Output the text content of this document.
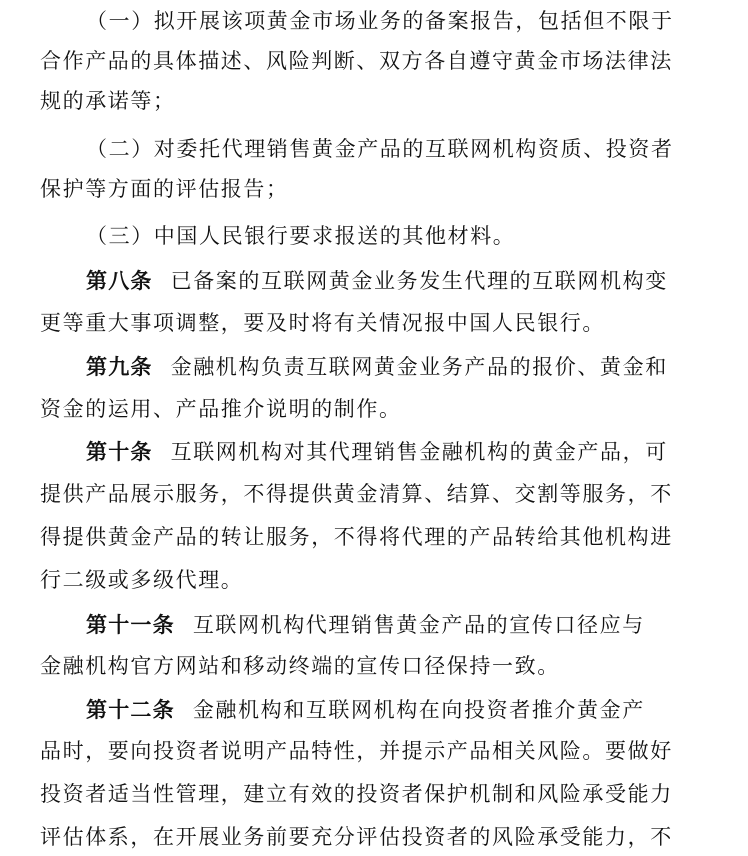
（一）拟开展该项黄金市场业务的备案报告，包括但不限于
合作产品的具体描述、风险判断、双方各自遵守黄金市场法律法
规的承诺等；
（二）对委托代理销售黄金产品的互联网机构资质、投资者
保护等方面的评估报告；
（三）中国人民银行要求报送的其他材料。
第八条 已备案的互联网黄金业务发生代理的互联网机构变
更等重大事项调整，要及时将有关情况报中国人民银行。
第九条 金融机构负责互联网黄金业务产品的报价、黄金和
资金的运用、产品推介说明的制作。
第十条 互联网机构对其代理销售金融机构的黄金产品，可
提供产品展示服务，不得提供黄金清算、结算、交割等服务，不
得提供黄金产品的转让服务，不得将代理的产品转给其他机构进
行二级或多级代理。
第十一条 互联网机构代理销售黄金产品的宣传口径应与
金融机构官方网站和移动终端的宣传口径保持一致。
第十二条 金融机构和互联网机构在向投资者推介黄金产
品时，要向投资者说明产品特性，并提示产品相关风险。要做好
投资者适当性管理，建立有效的投资者保护机制和风险承受能力
评估体系，在开展业务前要充分评估投资者的风险承受能力，不
